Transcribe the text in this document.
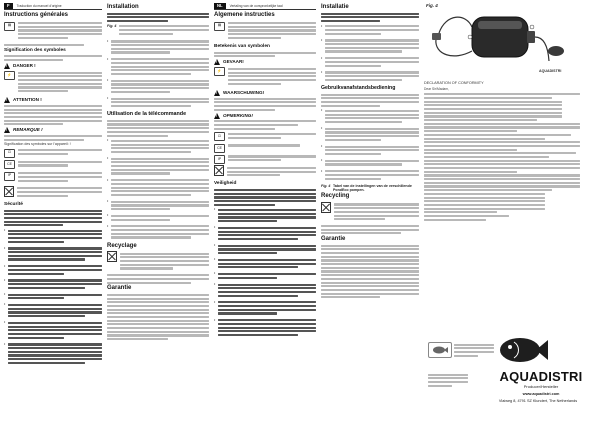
F	Traduction du manuel d'origine
Instructions générales
▤
Signification des symboles
!
DANGER !
⚡
!
ATTENTION !
!
REMARQUE !
Signification des symboles sur l'appareil: !
⊡
CE
IP
Sécurité
•
•
•
•
•
•
•
•
Installation
Fig. 4
•
•
•
•
Utilisation de la télécommande
•
•
•
•
•
•
Recyclage
Garantie
NL	Vertaling van de oorspronkelijke taal
Algemene instructies
▤
Betekenis van symbolen
!
GEVAAR!
⚡
!
WAARSCHUWING!
!
OPMERKING!
⊡
CE
IP
Veiligheid
•
•
•
•
•
•
•
•
Installatie
•
•
•
•
Gebruikvanafstandsbediening
•
•
•
•
•
Fig. 4 Tabel van de instellingen van de verschillende PondEco pompen.
Recycling
Garantie
Fig. 4
AQUADISTRI
DECLARATION OF CONFORMITY
Dear Sir/Madam,
AQUADISTRI
Producer/Hersteller
www.aquadistri.com
Vlaiweg 8, 4791 SZ Klundert, The Netherlands
